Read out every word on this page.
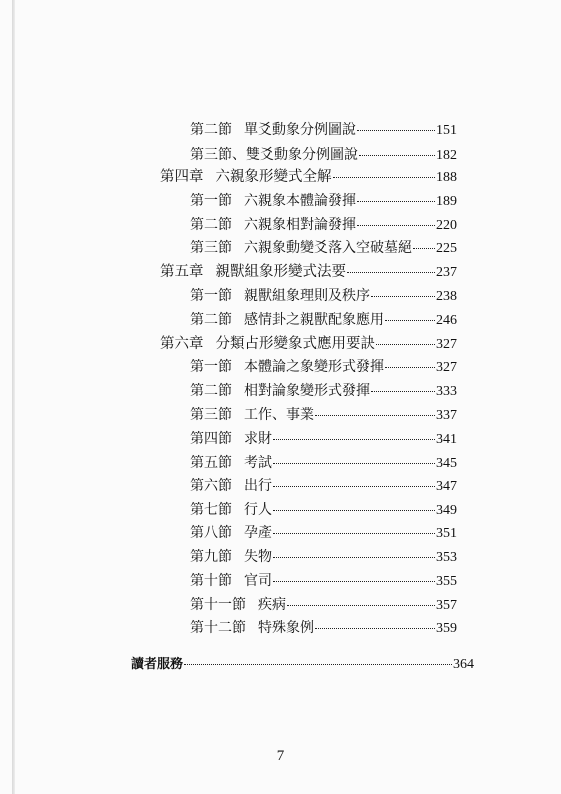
第二節 單爻動象分例圖說	151
第三節、 雙爻動象分例圖說	182
第四章 六親象形變式全解	188
第一節 六親象本體論發揮	189
第二節 六親象相對論發揮	220
第三節 六親象動變爻落入空破墓絕 225
第五章 親獸組象形變式法要	237
第一節 親獸組象理則及秩序	238
第二節 感情卦之親獸配象應用	246
第六章 分類占形變象式應用要訣	327
第一節 本體論之象變形式發揮	327
第二節 相對論象變形式發揮	333
第三節 工作、事業	337
第四節 求財	341
第五節 考試	345
第六節 出行	347
第七節 行人	349
第八節 孕產	351
第九節 失物	353
第十節 官司	355
第十一節 疾病	357
第十二節 特殊象例	359
讀者服務	364
7
